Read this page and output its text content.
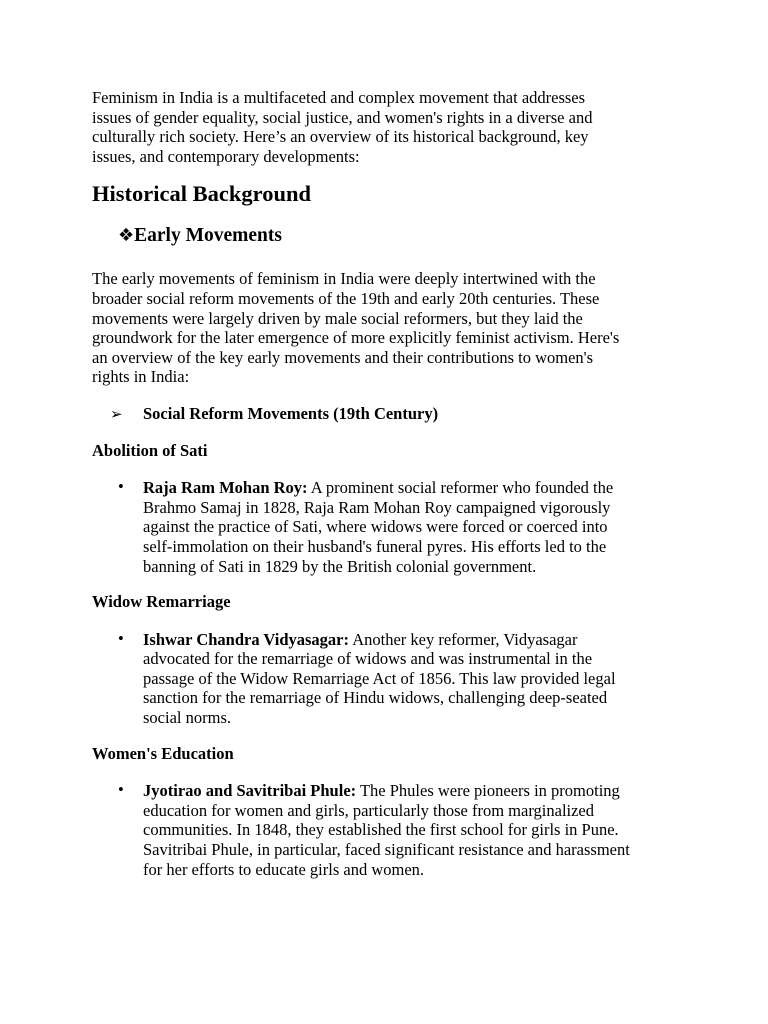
Feminism in India is a multifaceted and complex movement that addresses
issues of gender equality, social justice, and women's rights in a diverse and
culturally rich society. Here’s an overview of its historical background, key
issues, and contemporary developments:
Historical Background
❖Early Movements
The early movements of feminism in India were deeply intertwined with the
broader social reform movements of the 19th and early 20th centuries. These
movements were largely driven by male social reformers, but they laid the
groundwork for the later emergence of more explicitly feminist activism. Here's
an overview of the key early movements and their contributions to women's
rights in India:
➢ Social Reform Movements (19th Century)
Abolition of Sati
• Raja Ram Mohan Roy: A prominent social reformer who founded the
Brahmo Samaj in 1828, Raja Ram Mohan Roy campaigned vigorously
against the practice of Sati, where widows were forced or coerced into
self-immolation on their husband's funeral pyres. His efforts led to the
banning of Sati in 1829 by the British colonial government.
Widow Remarriage
• Ishwar Chandra Vidyasagar: Another key reformer, Vidyasagar
advocated for the remarriage of widows and was instrumental in the
passage of the Widow Remarriage Act of 1856. This law provided legal
sanction for the remarriage of Hindu widows, challenging deep-seated
social norms.
Women's Education
• Jyotirao and Savitribai Phule: The Phules were pioneers in promoting
education for women and girls, particularly those from marginalized
communities. In 1848, they established the first school for girls in Pune.
Savitribai Phule, in particular, faced significant resistance and harassment
for her efforts to educate girls and women.
